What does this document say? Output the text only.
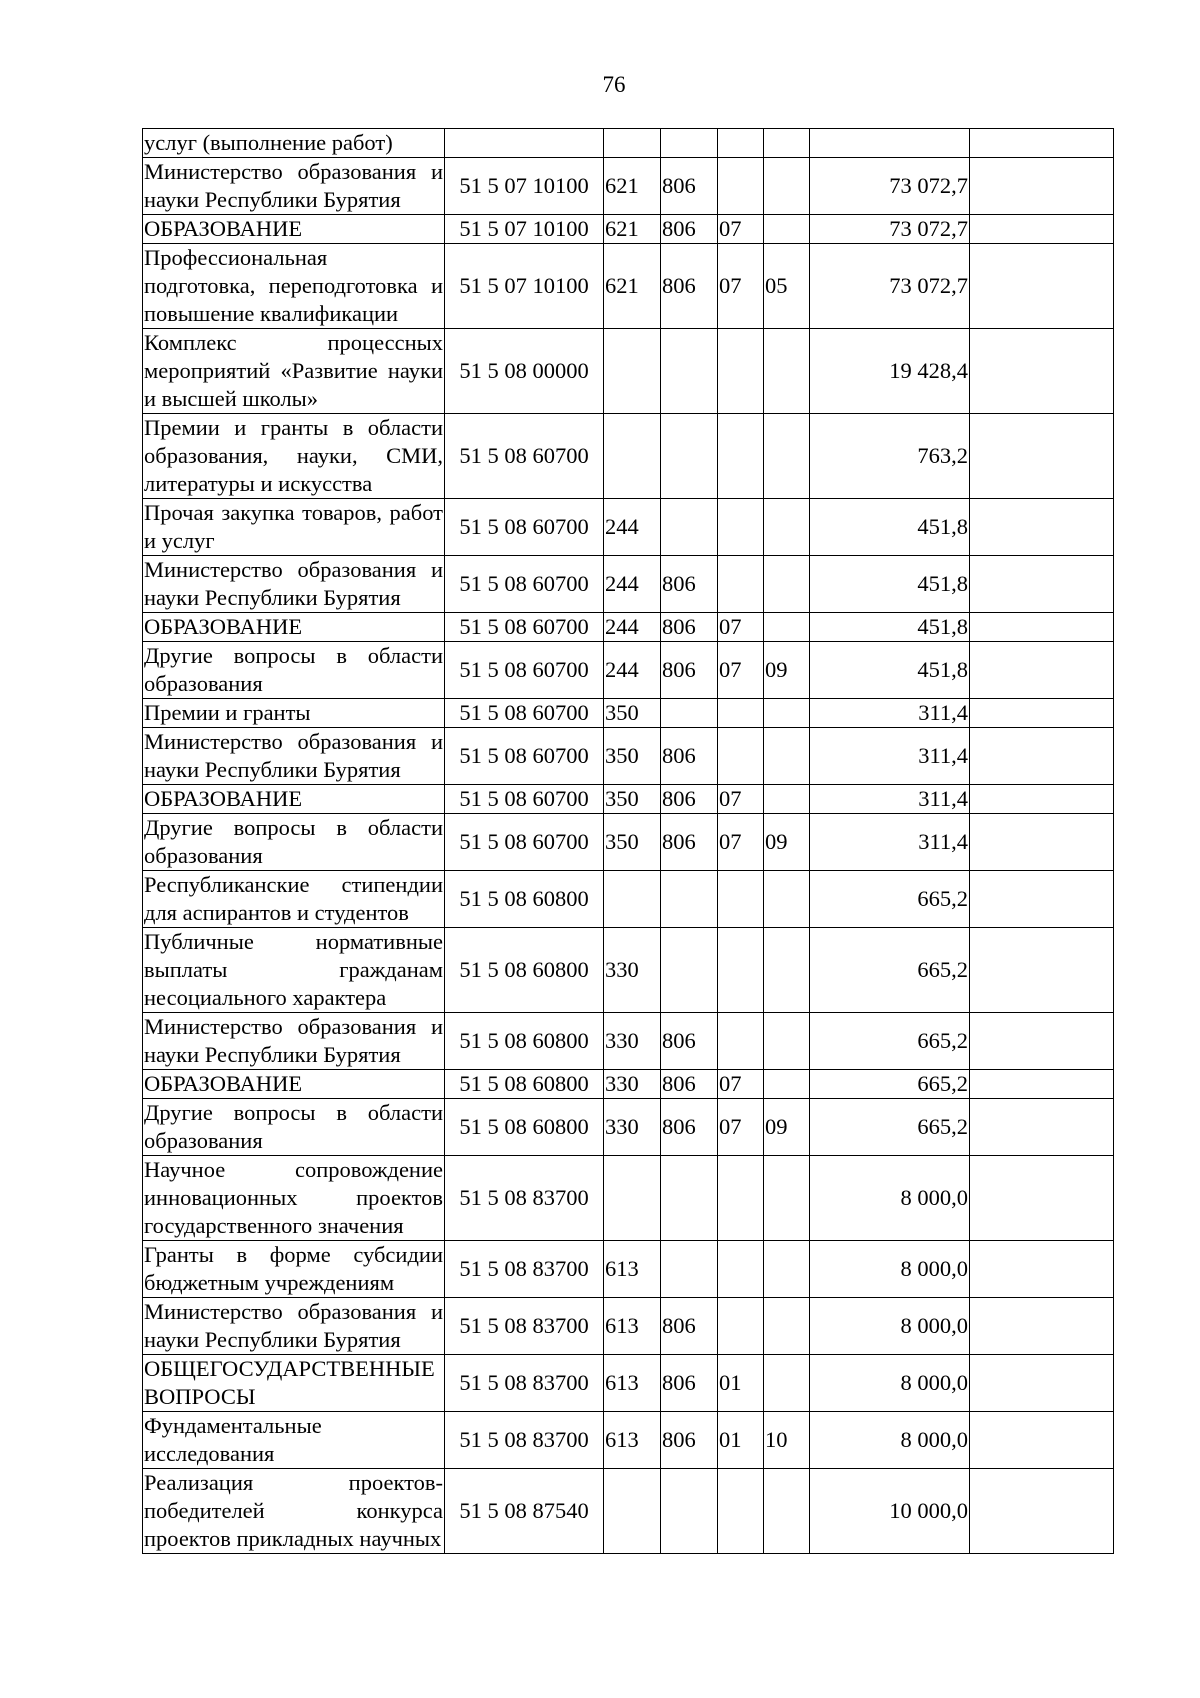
76
услуг (выполнение работ)							
Министерство образования и науки Республики Бурятия	51 5 07 10100	621	806			73 072,7	
ОБРАЗОВАНИЕ	51 5 07 10100	621	806	07		73 072,7	
Профессиональная подготовка, переподготовка и повышение квалификации	51 5 07 10100	621	806	07	05	73 072,7	
Комплекс процессных мероприятий «Развитие науки и высшей школы»	51 5 08 00000					19 428,4	
Премии и гранты в области образования, науки, СМИ, литературы и искусства	51 5 08 60700					763,2	
Прочая закупка товаров, работ и услуг	51 5 08 60700	244				451,8	
Министерство образования и науки Республики Бурятия	51 5 08 60700	244	806			451,8	
ОБРАЗОВАНИЕ	51 5 08 60700	244	806	07		451,8	
Другие вопросы в области образования	51 5 08 60700	244	806	07	09	451,8	
Премии и гранты	51 5 08 60700	350				311,4	
Министерство образования и науки Республики Бурятия	51 5 08 60700	350	806			311,4	
ОБРАЗОВАНИЕ	51 5 08 60700	350	806	07		311,4	
Другие вопросы в области образования	51 5 08 60700	350	806	07	09	311,4	
Республиканские стипендии для аспирантов и студентов	51 5 08 60800					665,2	
Публичные нормативные выплаты гражданам несоциального характера	51 5 08 60800	330				665,2	
Министерство образования и науки Республики Бурятия	51 5 08 60800	330	806			665,2	
ОБРАЗОВАНИЕ	51 5 08 60800	330	806	07		665,2	
Другие вопросы в области образования	51 5 08 60800	330	806	07	09	665,2	
Научное сопровождение инновационных проектов государственного значения	51 5 08 83700					8 000,0	
Гранты в форме субсидии бюджетным учреждениям	51 5 08 83700	613				8 000,0	
Министерство образования и науки Республики Бурятия	51 5 08 83700	613	806			8 000,0	
ОБЩЕГОСУДАРСТВЕННЫЕ ВОПРОСЫ	51 5 08 83700	613	806	01		8 000,0	
Фундаментальные исследования	51 5 08 83700	613	806	01	10	8 000,0	
Реализация проектов-победителей конкурса проектов прикладных научных	51 5 08 87540					10 000,0	
